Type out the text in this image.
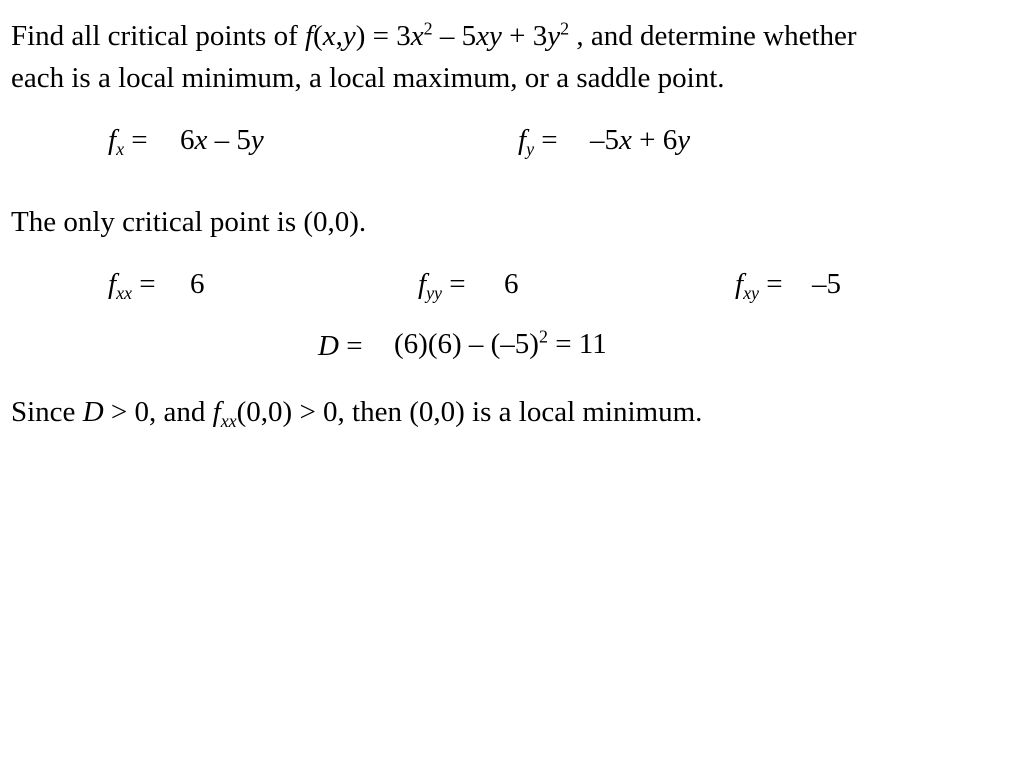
Find all critical points of $f(x,y) = 3x^2 - 5xy + 3y^2$ , and determine whether
each is a local minimum, a local maximum, or a saddle point.
$f_x = 6x - 5y$	$f_y = -5x + 6y$
The only critical point is (0,0).
$f_{xx} = 6$	$f_{yy} = 6$	$f_{xy} = -5$
$D = (6)(6) - (-5)^2 = 11$
Since D > 0, and $f_{xx}(0,0) > 0$, then (0,0) is a local minimum.
